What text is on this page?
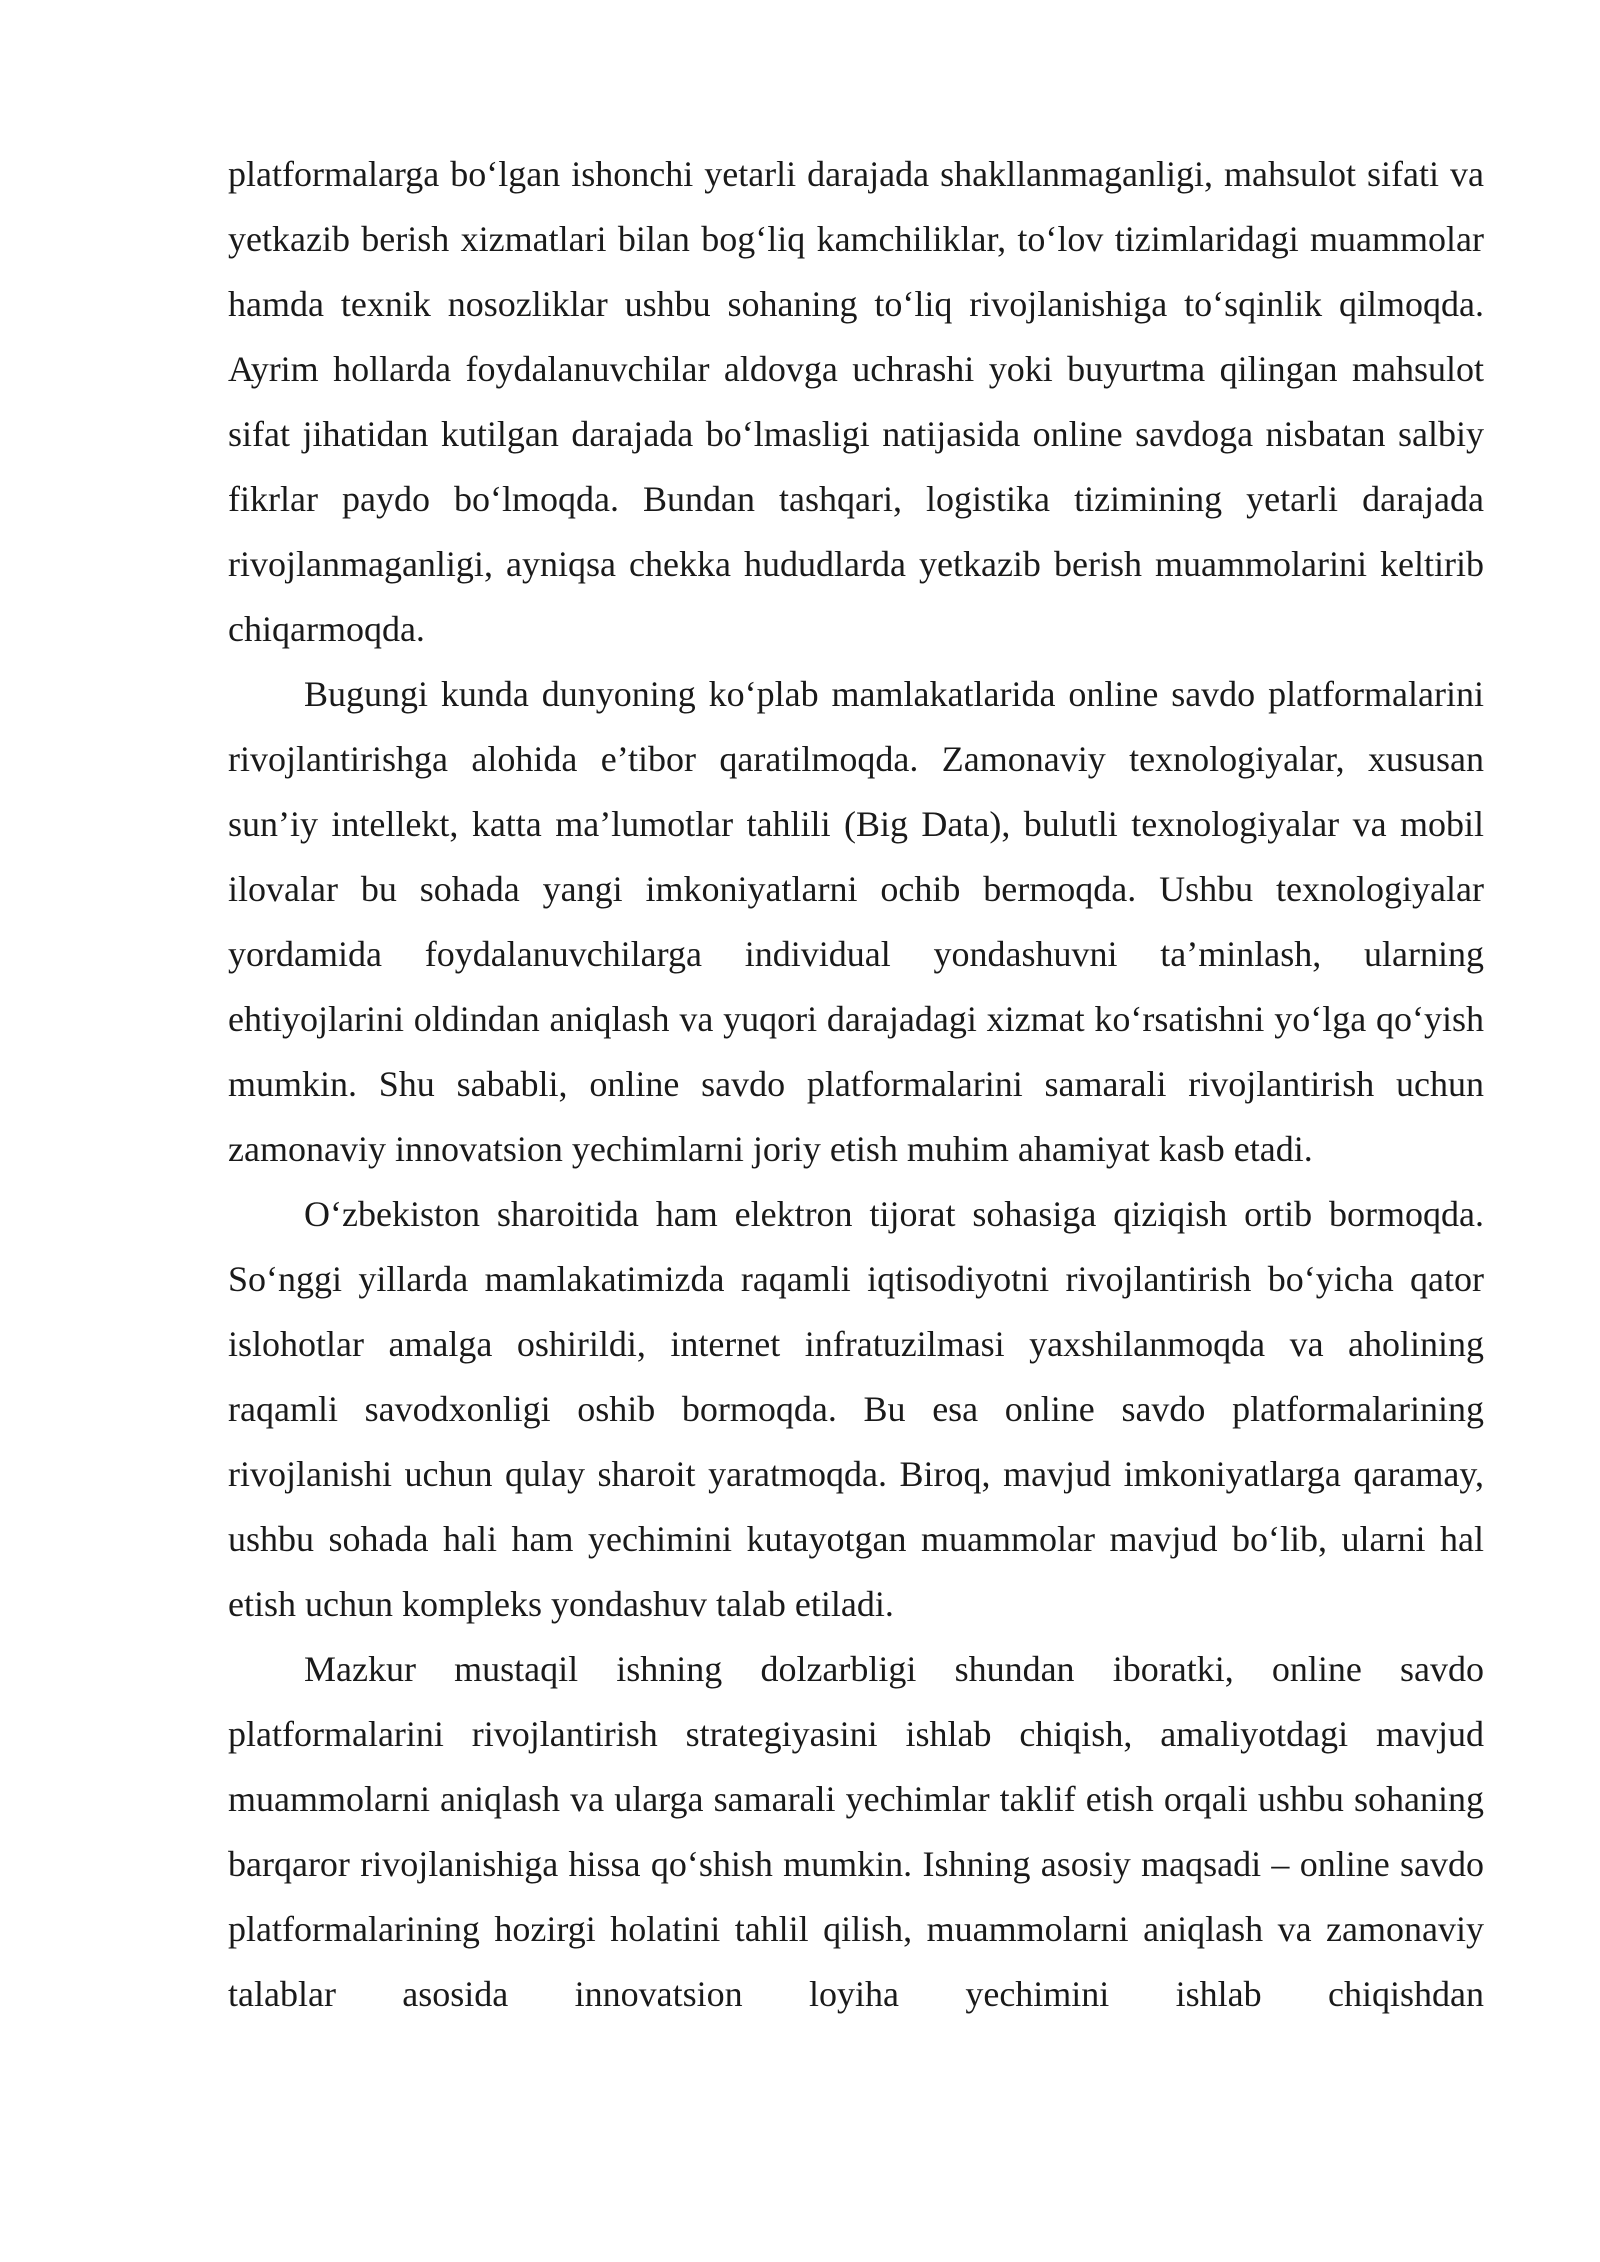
platformalarga bo‘lgan ishonchi yetarli darajada shakllanmaganligi, mahsulot sifati va yetkazib berish xizmatlari bilan bog‘liq kamchiliklar, to‘lov tizimlaridagi muammolar hamda texnik nosozliklar ushbu sohaning to‘liq rivojlanishiga to‘sqinlik qilmoqda. Ayrim hollarda foydalanuvchilar aldovga uchrashi yoki buyurtma qilingan mahsulot sifat jihatidan kutilgan darajada bo‘lmasligi natijasida online savdoga nisbatan salbiy fikrlar paydo bo‘lmoqda. Bundan tashqari, logistika tizimining yetarli darajada rivojlanmaganligi, ayniqsa chekka hududlarda yetkazib berish muammolarini keltirib chiqarmoqda.

Bugungi kunda dunyoning ko‘plab mamlakatlarida online savdo platformalarini rivojlantirishga alohida e’tibor qaratilmoqda. Zamonaviy texnologiyalar, xususan sun’iy intellekt, katta ma’lumotlar tahlili (Big Data), bulutli texnologiyalar va mobil ilovalar bu sohada yangi imkoniyatlarni ochib bermoqda. Ushbu texnologiyalar yordamida foydalanuvchilarga individual yondashuvni ta’minlash, ularning ehtiyojlarini oldindan aniqlash va yuqori darajadagi xizmat ko‘rsatishni yo‘lga qo‘yish mumkin. Shu sababli, online savdo platformalarini samarali rivojlantirish uchun zamonaviy innovatsion yechimlarni joriy etish muhim ahamiyat kasb etadi.

O‘zbekiston sharoitida ham elektron tijorat sohasiga qiziqish ortib bormoqda. So‘nggi yillarda mamlakatimizda raqamli iqtisodiyotni rivojlantirish bo‘yicha qator islohotlar amalga oshirildi, internet infratuzilmasi yaxshilanmoqda va aholining raqamli savodxonligi oshib bormoqda. Bu esa online savdo platformalarining rivojlanishi uchun qulay sharoit yaratmoqda. Biroq, mavjud imkoniyatlarga qaramay, ushbu sohada hali ham yechimini kutayotgan muammolar mavjud bo‘lib, ularni hal etish uchun kompleks yondashuv talab etiladi.

Mazkur mustaqil ishning dolzarbligi shundan iboratki, online savdo platformalarini rivojlantirish strategiyasini ishlab chiqish, amaliyotdagi mavjud muammolarni aniqlash va ularga samarali yechimlar taklif etish orqali ushbu sohaning barqaror rivojlanishiga hissa qo‘shish mumkin. Ishning asosiy maqsadi – online savdo platformalarining hozirgi holatini tahlil qilish, muammolarni aniqlash va zamonaviy talablar asosida innovatsion loyiha yechimini ishlab chiqishdan
